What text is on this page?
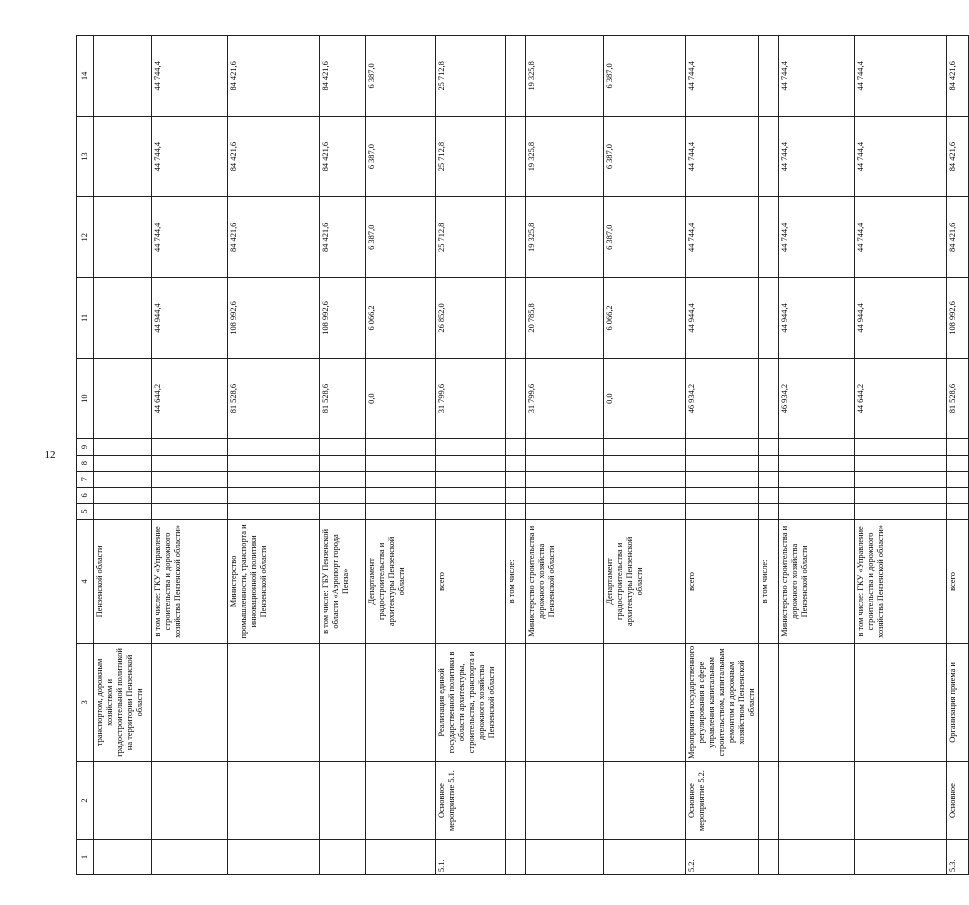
12
1	2	3	4	5	6	7	8	9	10	11	12	13	14
		транспортом, дорожным хозяйством и градостроительной политикой на территории Пензенской области	Пензенской области										
			в том числе: ГКУ «Управление строительства и дорожного хозяйства Пензенской области»						44 644,2	44 944,4	44 744,4	44 744,4	44 744,4
			Министерство промышленности, транспорта и инновационной политики Пензенской области						81 528,6	108 992,6	84 421,6	84 421,6	84 421,6
			в том числе: ГБУ Пензенской области «Аэропорт города Пенза»						81 528,6	108 992,6	84 421,6	84 421,6	84 421,6
			Департамент градостроительства и архитектуры Пензенской области						0,0	6 066,2	6 387,0	6 387,0	6 387,0
5.1.	Основное мероприятие 5.1.	Реализация единой государственной политики в области архитектуры, строительства, транспорта и дорожного хозяйства Пензенской области	всего						31 799,6	26 852,0	25 712,8	25 712,8	25 712,8
			в том числе:										
			Министерство строительства и дорожного хозяйства Пензенской области						31 799,6	20 785,8	19 325,8	19 325,8	19 325,8
			Департамент градостроительства и архитектуры Пензенской области						0,0	6 066,2	6 387,0	6 387,0	6 387,0
5.2.	Основное мероприятие 5.2.	Мероприятия государственного регулирования в сфере управления капитальным строительством, капитальным ремонтом и дорожным хозяйством Пензенской области	всего						46 934,2	44 944,4	44 744,4	44 744,4	44 744,4
			в том числе:										
			Министерство строительства и дорожного хозяйства Пензенской области						46 934,2	44 944,4	44 744,4	44 744,4	44 744,4
			в том числе: ГКУ «Управление строительства и дорожного хозяйства Пензенской области»						44 644,2	44 944,4	44 744,4	44 744,4	44 744,4
5.3.	Основное	Организация приема и	всего						81 528,6	108 992,6	84 421,6	84 421,6	84 421,6
